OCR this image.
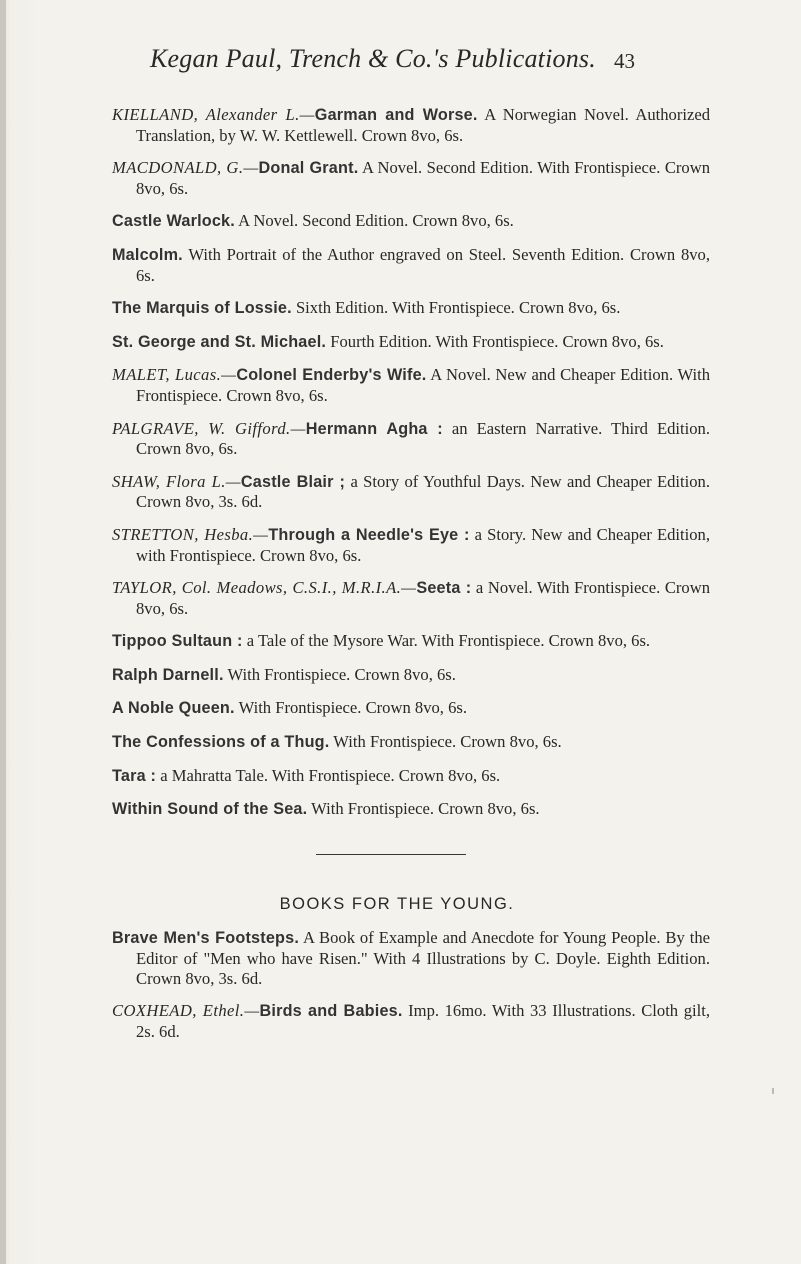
Kegan Paul, Trench & Co.'s Publications. 43

KIELLAND, Alexander L.—Garman and Worse. A Norwegian Novel. Authorized Translation, by W. W. Kettlewell. Crown 8vo, 6s.

MACDONALD, G.—Donal Grant. A Novel. Second Edition. With Frontispiece. Crown 8vo, 6s.

Castle Warlock. A Novel. Second Edition. Crown 8vo, 6s.

Malcolm. With Portrait of the Author engraved on Steel. Seventh Edition. Crown 8vo, 6s.

The Marquis of Lossie. Sixth Edition. With Frontispiece. Crown 8vo, 6s.

St. George and St. Michael. Fourth Edition. With Frontispiece. Crown 8vo, 6s.

MALET, Lucas.—Colonel Enderby's Wife. A Novel. New and Cheaper Edition. With Frontispiece. Crown 8vo, 6s.

PALGRAVE, W. Gifford.—Hermann Agha : an Eastern Narrative. Third Edition. Crown 8vo, 6s.

SHAW, Flora L.—Castle Blair ; a Story of Youthful Days. New and Cheaper Edition. Crown 8vo, 3s. 6d.

STRETTON, Hesba.—Through a Needle's Eye : a Story. New and Cheaper Edition, with Frontispiece. Crown 8vo, 6s.

TAYLOR, Col. Meadows, C.S.I., M.R.I.A.—Seeta : a Novel. With Frontispiece. Crown 8vo, 6s.

Tippoo Sultaun : a Tale of the Mysore War. With Frontispiece. Crown 8vo, 6s.

Ralph Darnell. With Frontispiece. Crown 8vo, 6s.

A Noble Queen. With Frontispiece. Crown 8vo, 6s.

The Confessions of a Thug. With Frontispiece. Crown 8vo, 6s.

Tara : a Mahratta Tale. With Frontispiece. Crown 8vo, 6s.

Within Sound of the Sea. With Frontispiece. Crown 8vo, 6s.

BOOKS FOR THE YOUNG.

Brave Men's Footsteps. A Book of Example and Anecdote for Young People. By the Editor of "Men who have Risen." With 4 Illustrations by C. Doyle. Eighth Edition. Crown 8vo, 3s. 6d.

COXHEAD, Ethel.—Birds and Babies. Imp. 16mo. With 33 Illustrations. Cloth gilt, 2s. 6d.
